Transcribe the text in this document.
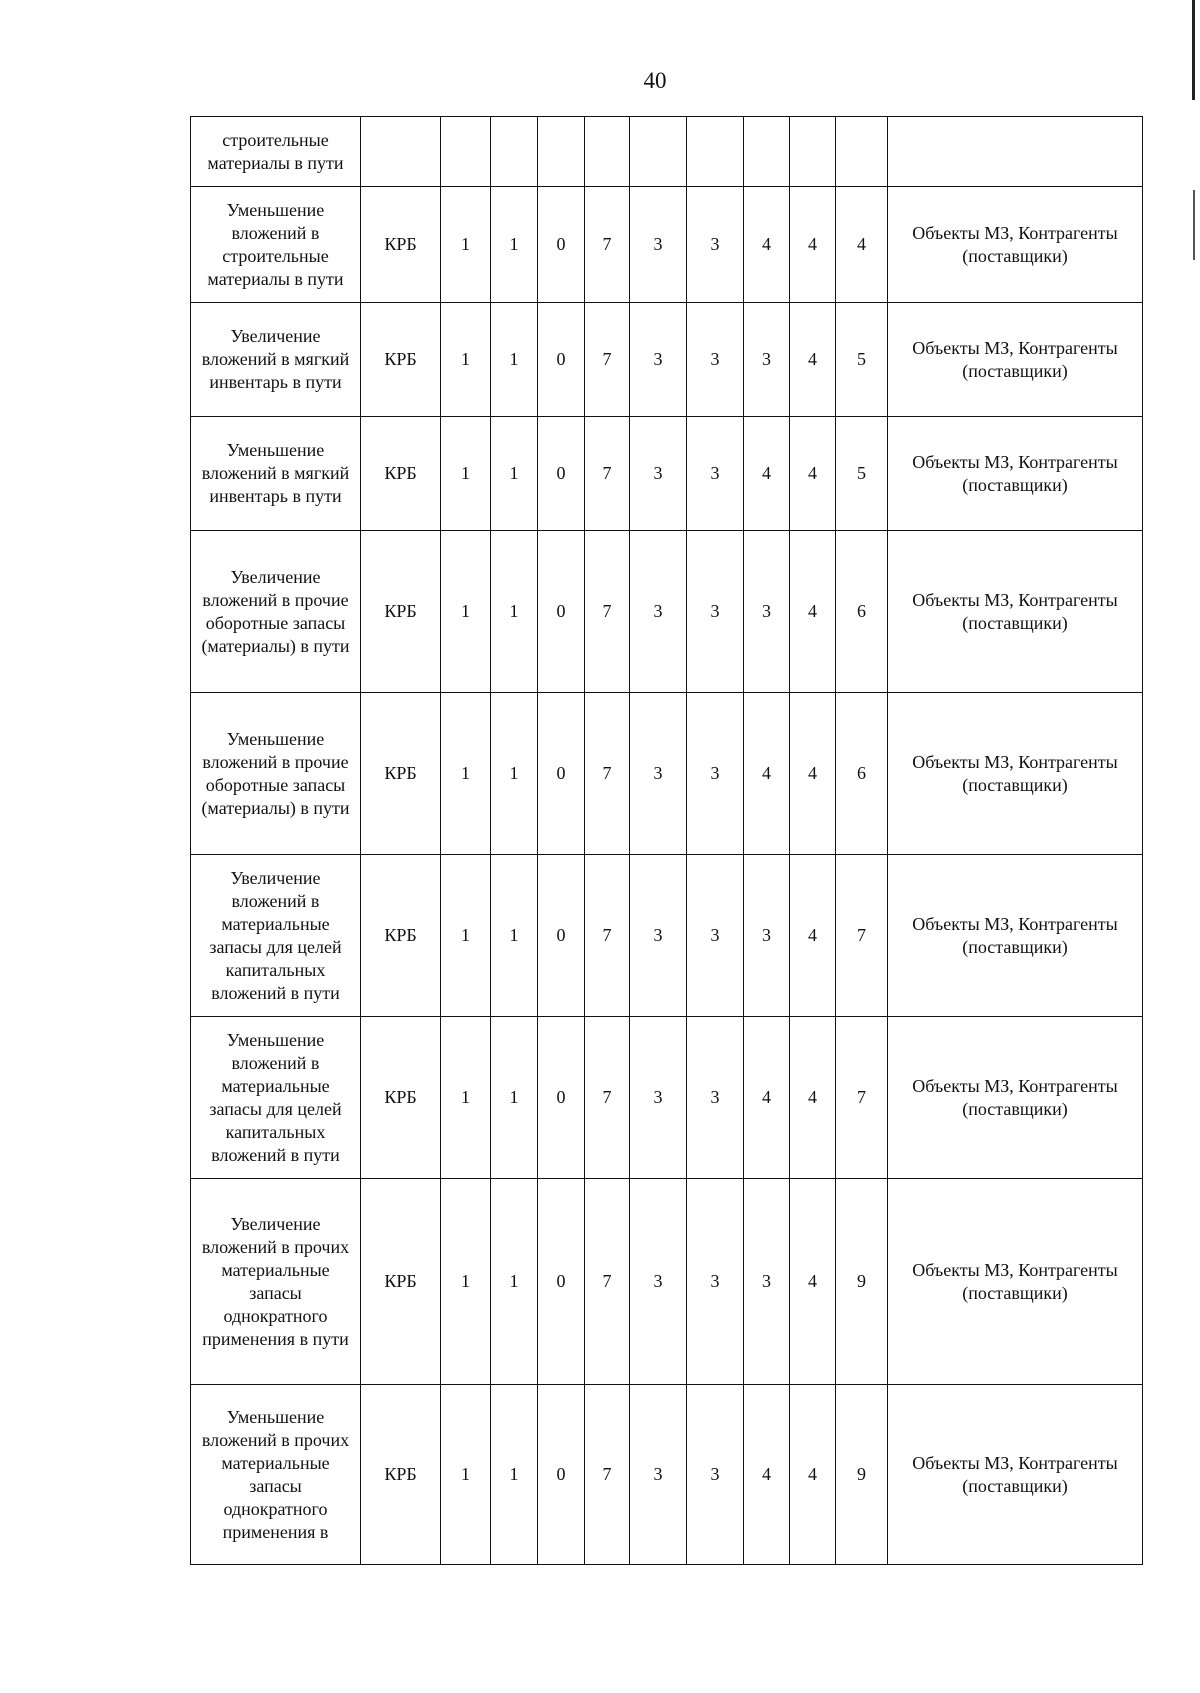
40
строительные материалы в пути											
Уменьшение вложений в строительные материалы в пути	КРБ	1	1	0	7	3	3	4	4	4	Объекты МЗ, Контрагенты (поставщики)
Увеличение вложений в мягкий инвентарь в пути	КРБ	1	1	0	7	3	3	3	4	5	Объекты МЗ, Контрагенты (поставщики)
Уменьшение вложений в мягкий инвентарь в пути	КРБ	1	1	0	7	3	3	4	4	5	Объекты МЗ, Контрагенты (поставщики)
Увеличение вложений в прочие оборотные запасы (материалы) в пути	КРБ	1	1	0	7	3	3	3	4	6	Объекты МЗ, Контрагенты (поставщики)
Уменьшение вложений в прочие оборотные запасы (материалы) в пути	КРБ	1	1	0	7	3	3	4	4	6	Объекты МЗ, Контрагенты (поставщики)
Увеличение вложений в материальные запасы для целей капитальных вложений в пути	КРБ	1	1	0	7	3	3	3	4	7	Объекты МЗ, Контрагенты (поставщики)
Уменьшение вложений в материальные запасы для целей капитальных вложений в пути	КРБ	1	1	0	7	3	3	4	4	7	Объекты МЗ, Контрагенты (поставщики)
Увеличение вложений в прочих материальные запасы однократного применения в пути	КРБ	1	1	0	7	3	3	3	4	9	Объекты МЗ, Контрагенты (поставщики)
Уменьшение вложений в прочих материальные запасы однократного применения в	КРБ	1	1	0	7	3	3	4	4	9	Объекты МЗ, Контрагенты (поставщики)
